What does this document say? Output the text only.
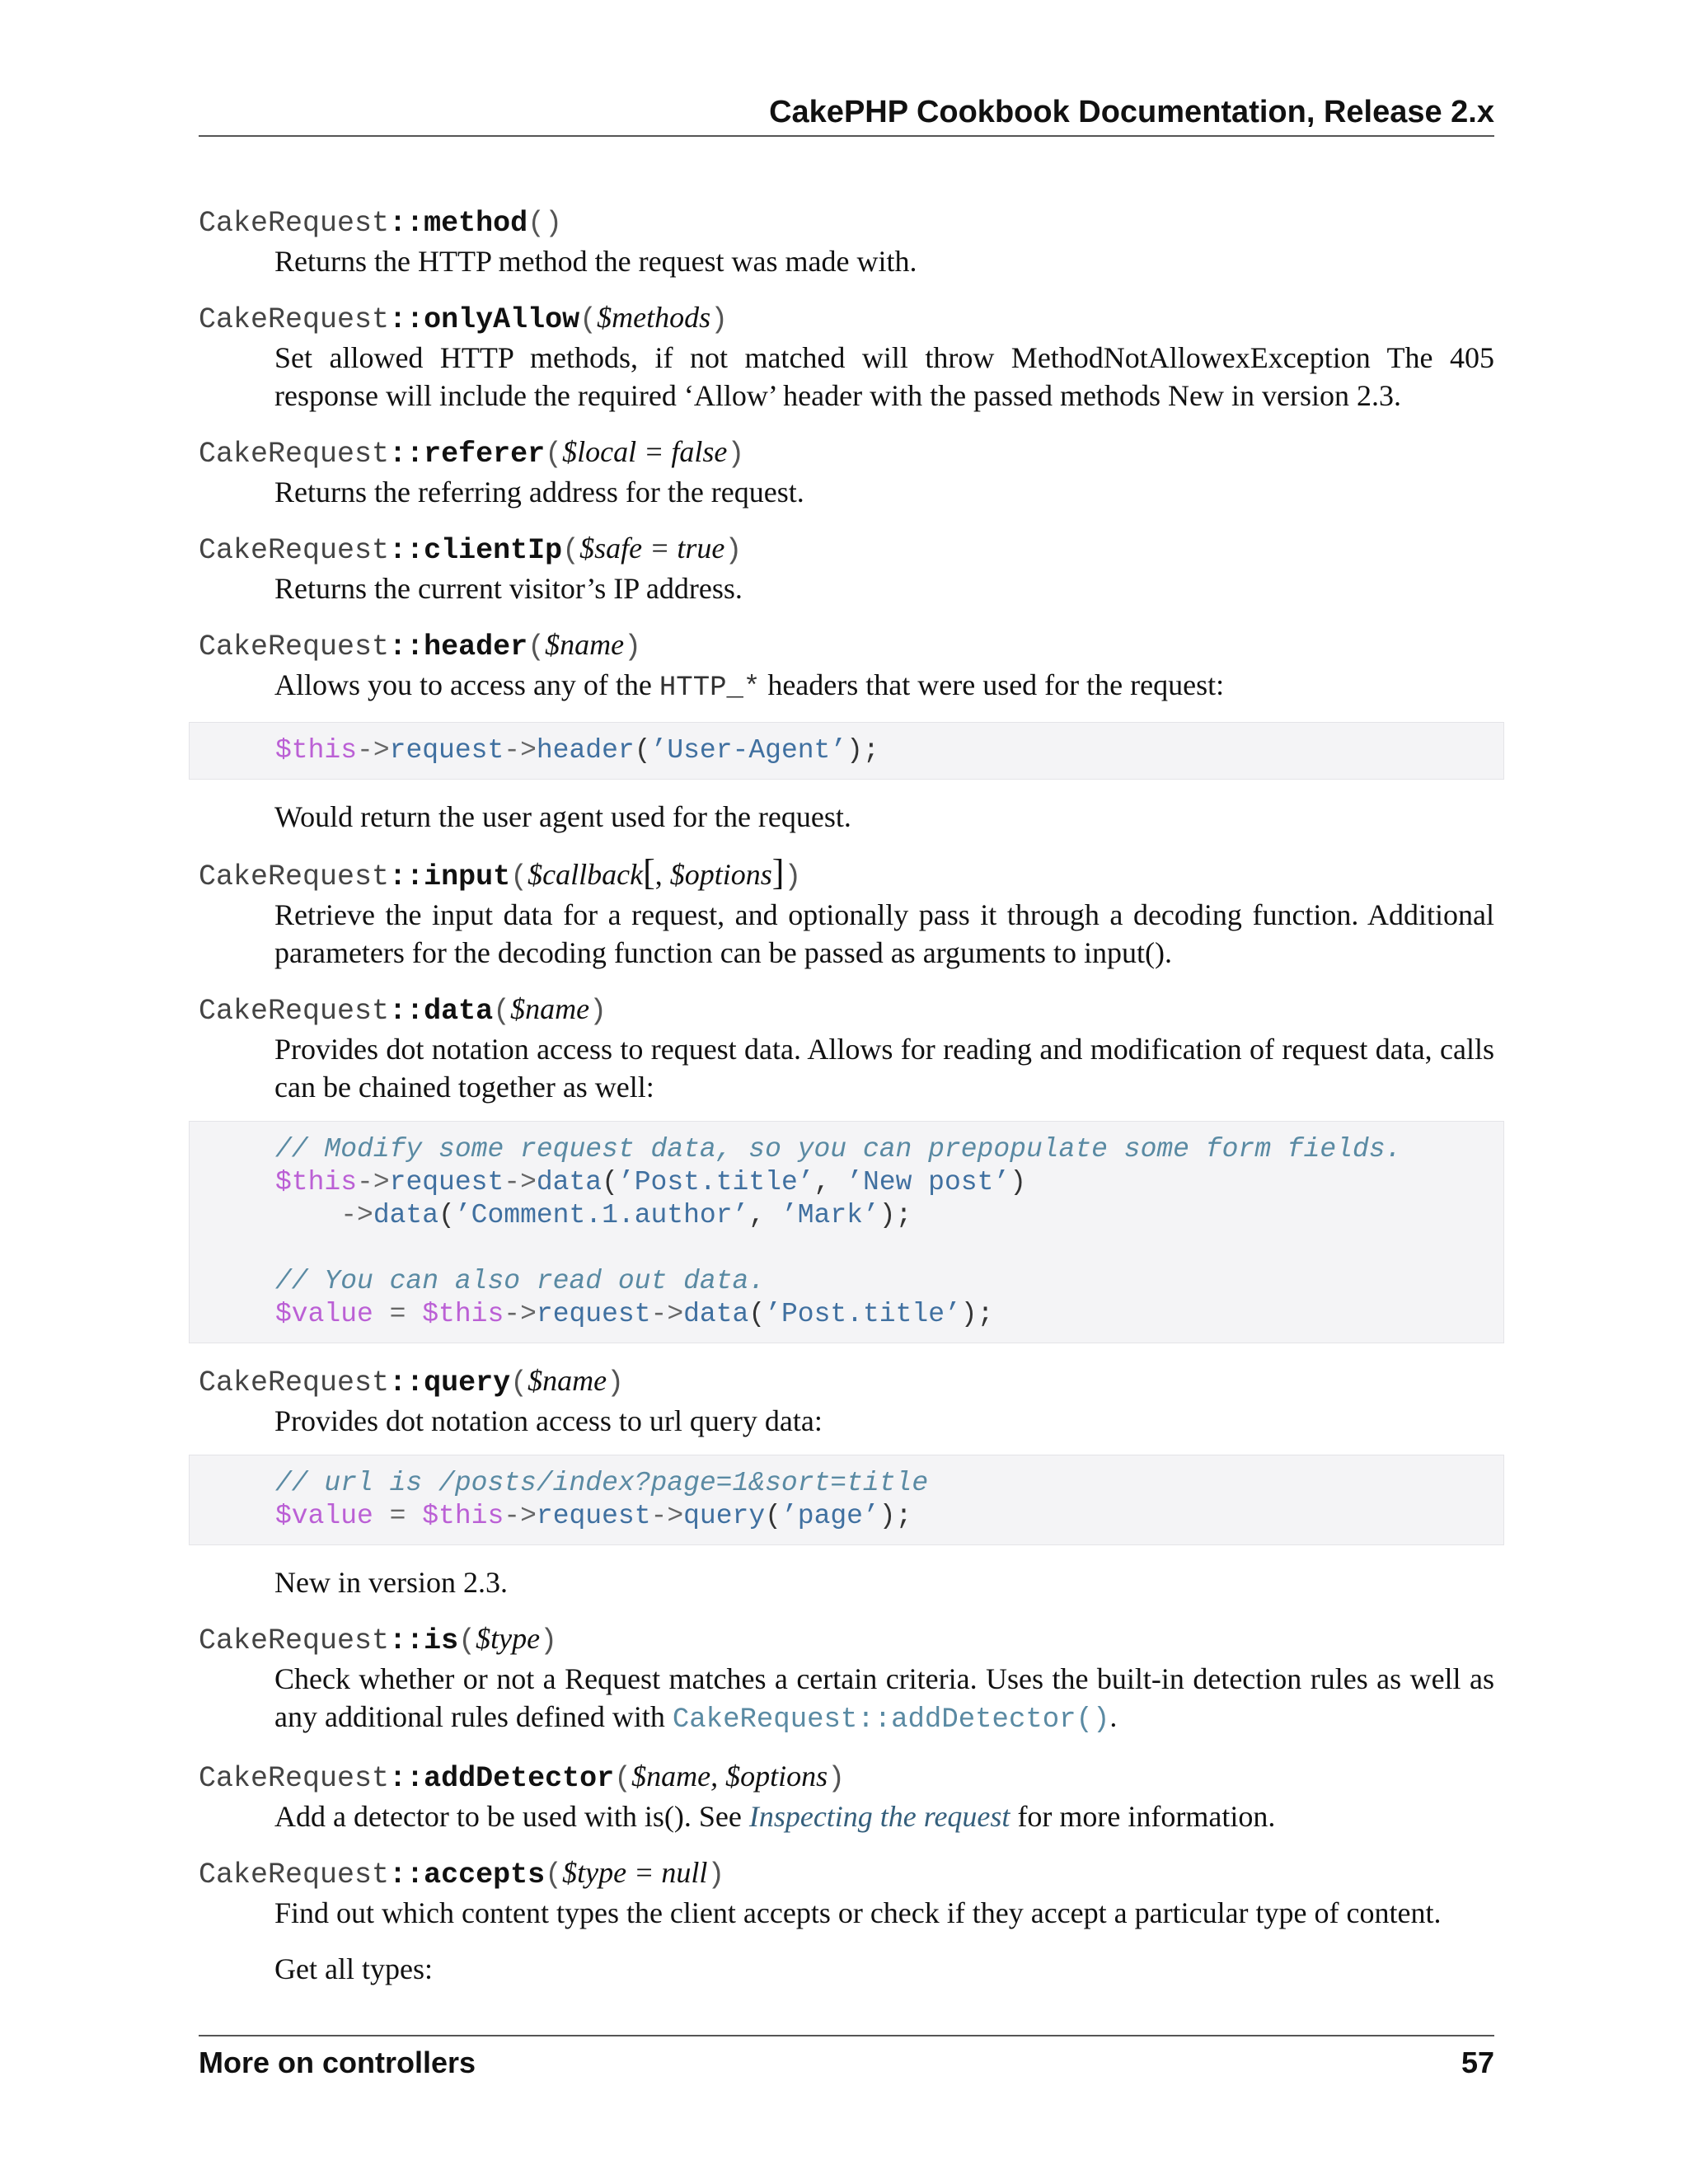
CakePHP Cookbook Documentation, Release 2.x

CakeRequest::method()

Returns the HTTP method the request was made with.

CakeRequest::onlyAllow($methods)

Set allowed HTTP methods, if not matched will throw MethodNotAllowexException The 405 response will include the required ‘Allow’ header with the passed methods New in version 2.3.

CakeRequest::referer($local = false)

Returns the referring address for the request.

CakeRequest::clientIp($safe = true)

Returns the current visitor’s IP address.

CakeRequest::header($name)

Allows you to access any of the HTTP_* headers that were used for the request:

$this->request->header(’User-Agent’);

Would return the user agent used for the request.

CakeRequest::input($callback[, $options])

Retrieve the input data for a request, and optionally pass it through a decoding function. Additional parameters for the decoding function can be passed as arguments to input().

CakeRequest::data($name)

Provides dot notation access to request data. Allows for reading and modification of request data, calls can be chained together as well:

// Modify some request data, so you can prepopulate some form fields.
$this->request->data(’Post.title’, ’New post’)
->data(’Comment.1.author’, ’Mark’);

// You can also read out data.
$value = $this->request->data(’Post.title’);

CakeRequest::query($name)

Provides dot notation access to url query data:

// url is /posts/index?page=1&sort=title
$value = $this->request->query(’page’);

New in version 2.3.

CakeRequest::is($type)

Check whether or not a Request matches a certain criteria. Uses the built-in detection rules as well as any additional rules defined with CakeRequest::addDetector().

CakeRequest::addDetector($name, $options)

Add a detector to be used with is(). See Inspecting the request for more information.

CakeRequest::accepts($type = null)

Find out which content types the client accepts or check if they accept a particular type of content.

Get all types:

More on controllers	57
